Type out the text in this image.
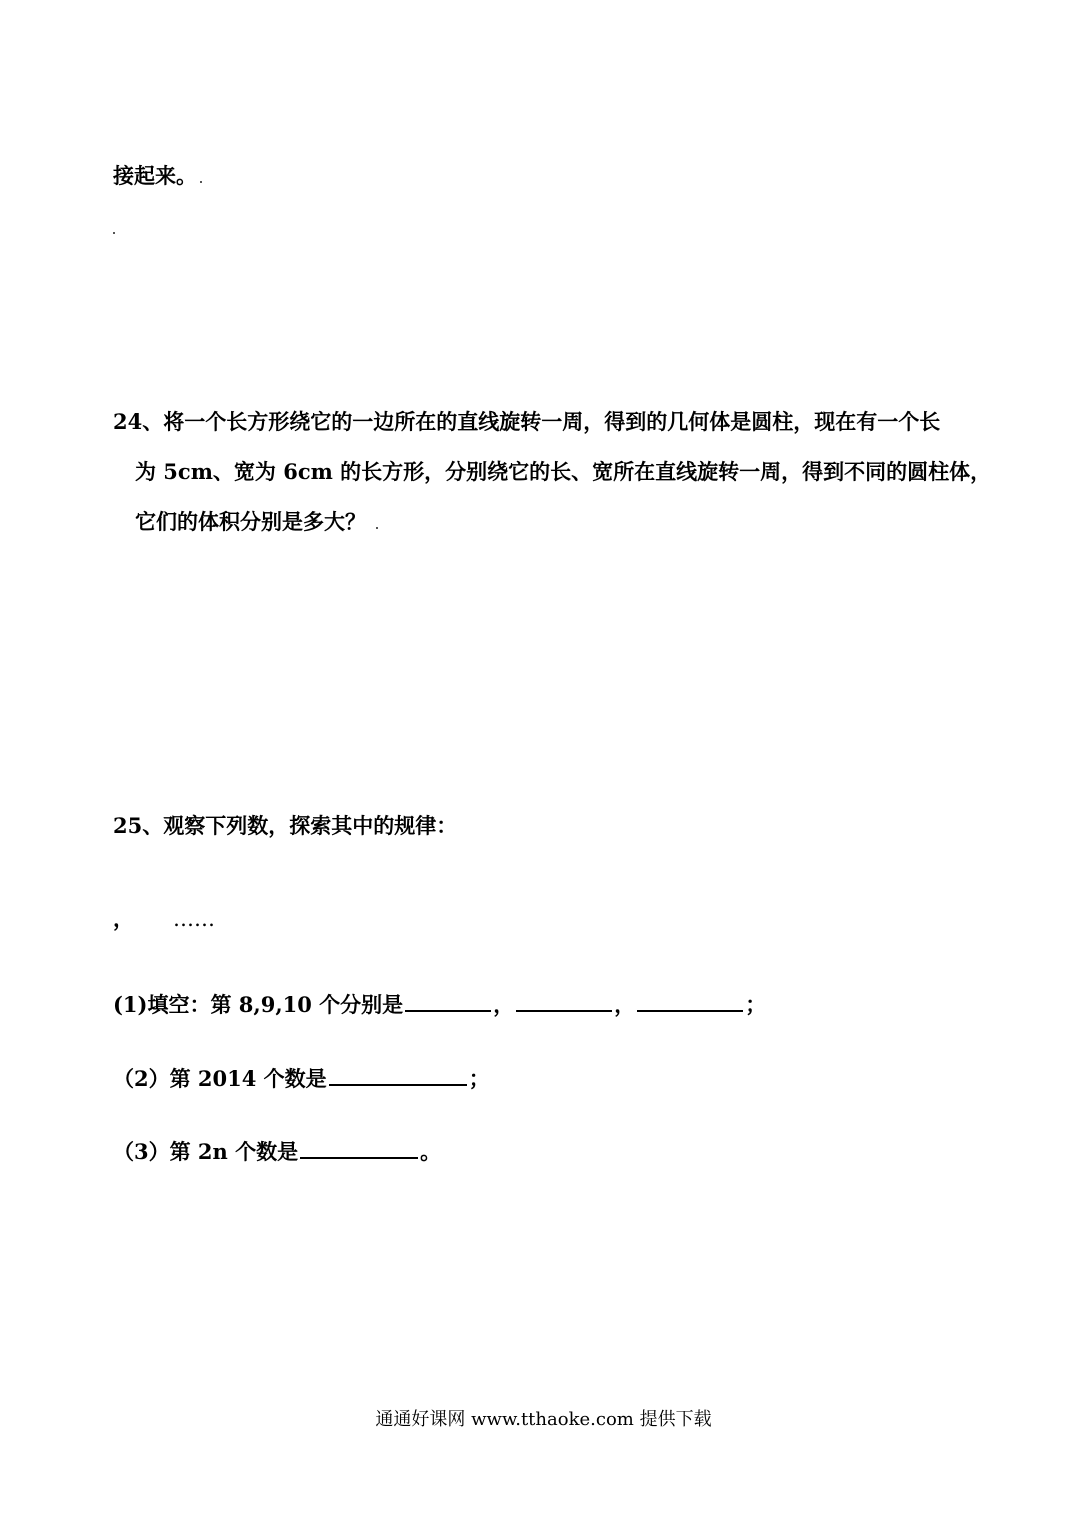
接起来。
24、将一个长方形绕它的一边所在的直线旋转一周，得到的几何体是圆柱，现在有一个长
为 5cm、宽为 6cm 的长方形，分别绕它的长、宽所在直线旋转一周，得到不同的圆柱体，
它们的体积分别是多大？
25、观察下列数，探索其中的规律：
， ……
(1)填空：第 8,9,10 个分别是	，	，	；
（2）第 2014 个数是	；
（3）第 2n 个数是	。
通通好课网 www.tthaoke.com 提供下载
